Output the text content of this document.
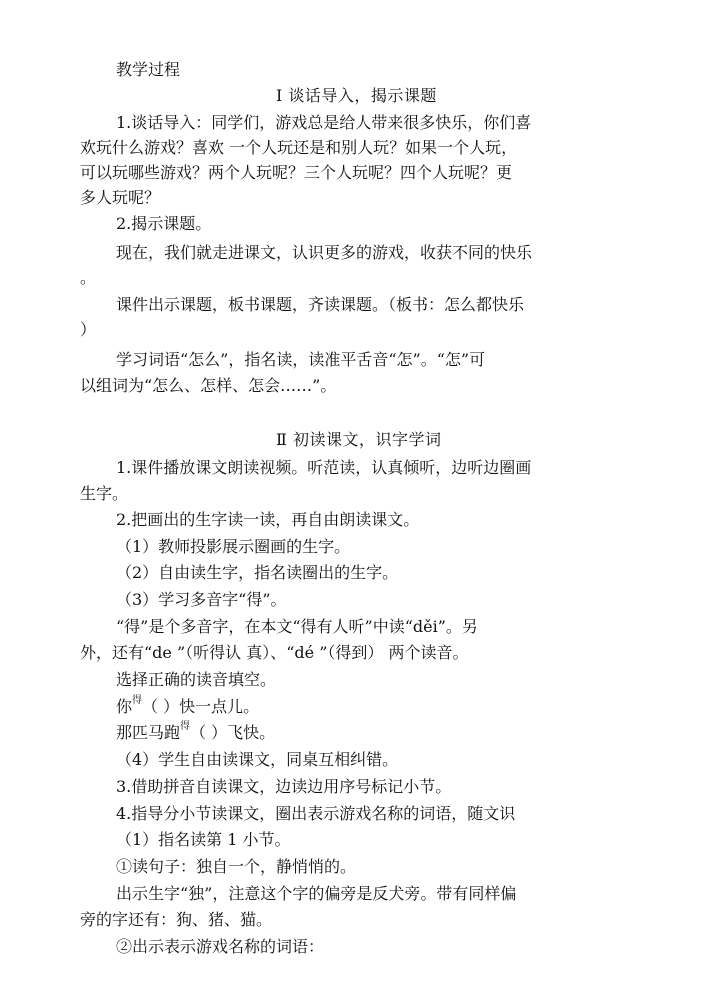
教学过程
Ⅰ 谈话导入，揭示课题
1.谈话导入：同学们，游戏总是给人带来很多快乐，你们喜
欢玩什么游戏？喜欢 一个人玩还是和别人玩？如果一个人玩，
可以玩哪些游戏？两个人玩呢？三个人玩呢？四个人玩呢？更
多人玩呢？
2.揭示课题。
现在，我们就走进课文，认识更多的游戏，收获不同的快乐
。
课件出示课题，板书课题，齐读课题。（板书：怎么都快乐
）
学习词语“怎么”，指名读，读准平舌音“怎”。“怎”可
以组词为“怎么、怎样、怎会……”。
Ⅱ 初读课文，识字学词
1.课件播放课文朗读视频。听范读，认真倾听，边听边圈画
生字。
2.把画出的生字读一读，再自由朗读课文。
（1）教师投影展示圈画的生字。
（2）自由读生字，指名读圈出的生字。
（3）学习多音字“得”。
“得”是个多音字，在本文“得有人听”中读“děi”。另
外，还有“de ”（听得认 真）、“dé ”（得到） 两个读音。
选择正确的读音填空。
你$^得$（ ）快一点儿。
那匹马跑$^得$（ ）飞快。
（4）学生自由读课文，同桌互相纠错。
3.借助拼音自读课文，边读边用序号标记小节。
4.指导分小节读课文，圈出表示游戏名称的词语，随文识
（1）指名读第 1 小节。
①读句子：独自一个，静悄悄的。
出示生字“独”，注意这个字的偏旁是反犬旁。带有同样偏
旁的字还有：狗、猪、猫。
②出示表示游戏名称的词语：
